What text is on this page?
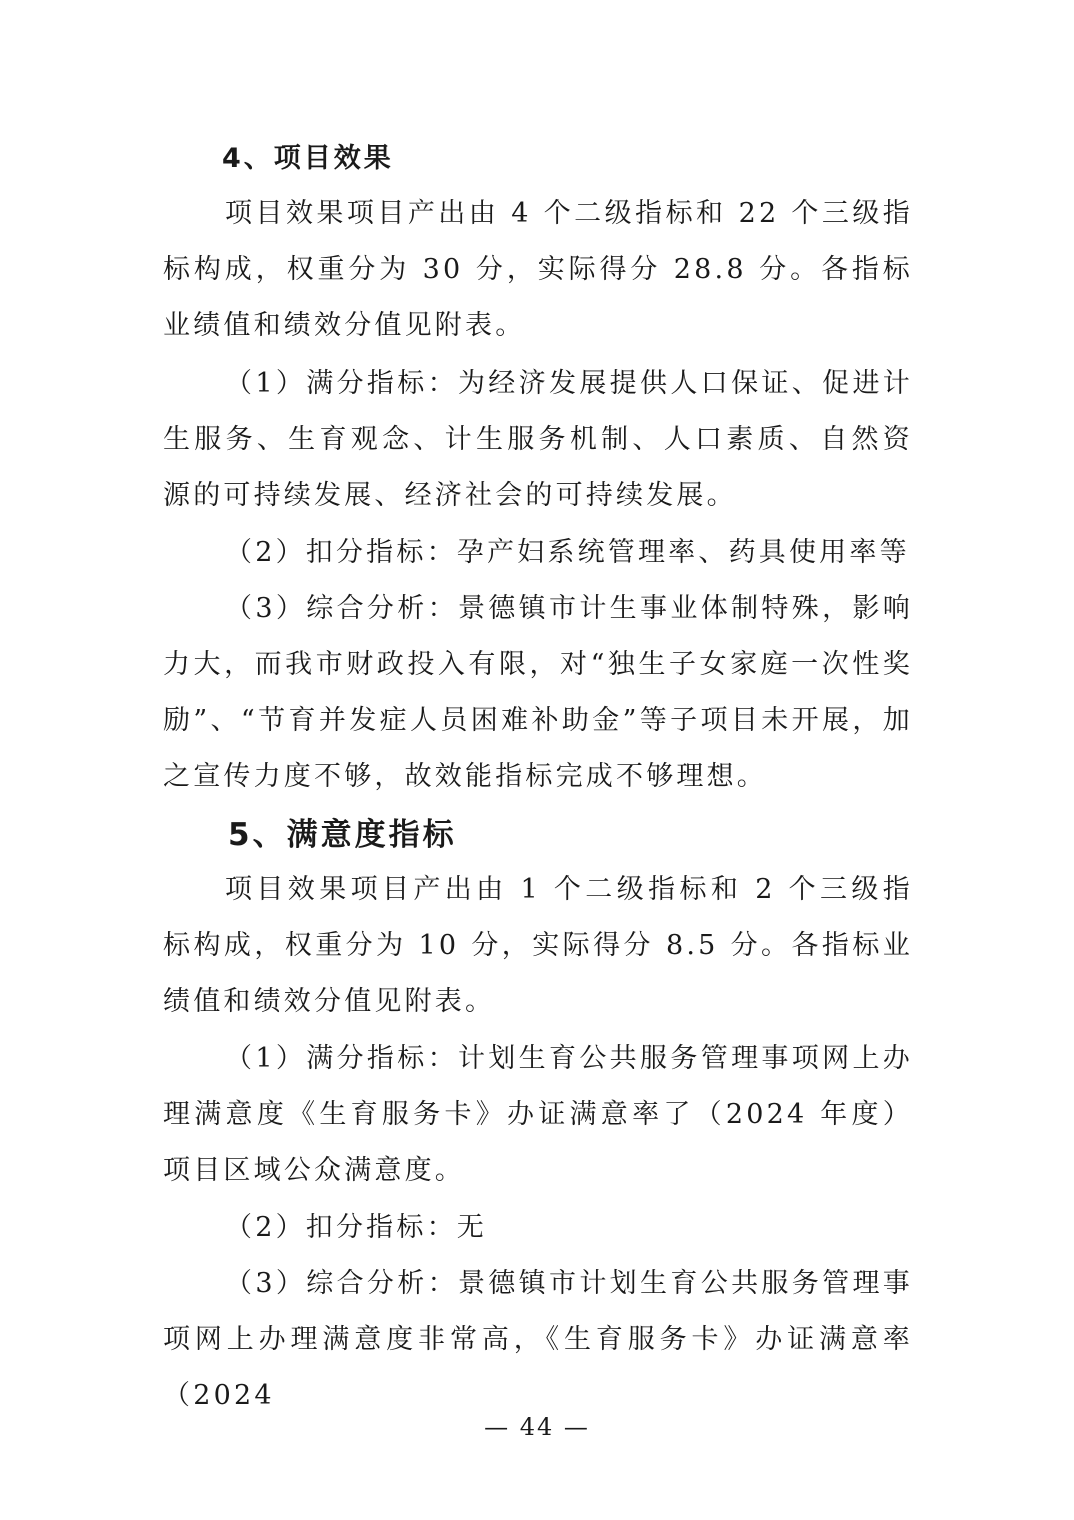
4、项目效果

项目效果项目产出由 4 个二级指标和 22 个三级指标构成，权重分为 30 分，实际得分 28.8 分。各指标业绩值和绩效分值见附表。

（1）满分指标：为经济发展提供人口保证、促进计生服务、生育观念、计生服务机制、人口素质、自然资源的可持续发展、经济社会的可持续发展。

（2）扣分指标：孕产妇系统管理率、药具使用率等

（3）综合分析：景德镇市计生事业体制特殊，影响力大，而我市财政投入有限，对“独生子女家庭一次性奖励”、“节育并发症人员困难补助金”等子项目未开展，加之宣传力度不够，故效能指标完成不够理想。

5、满意度指标

项目效果项目产出由 1 个二级指标和 2 个三级指标构成，权重分为 10 分，实际得分 8.5 分。各指标业绩值和绩效分值见附表。

（1）满分指标：计划生育公共服务管理事项网上办理满意度《生育服务卡》办证满意率了（2024 年度）项目区域公众满意度。

（2）扣分指标：无

（3）综合分析：景德镇市计划生育公共服务管理事项网上办理满意度非常高，《生育服务卡》办证满意率（2024

— 44 —
